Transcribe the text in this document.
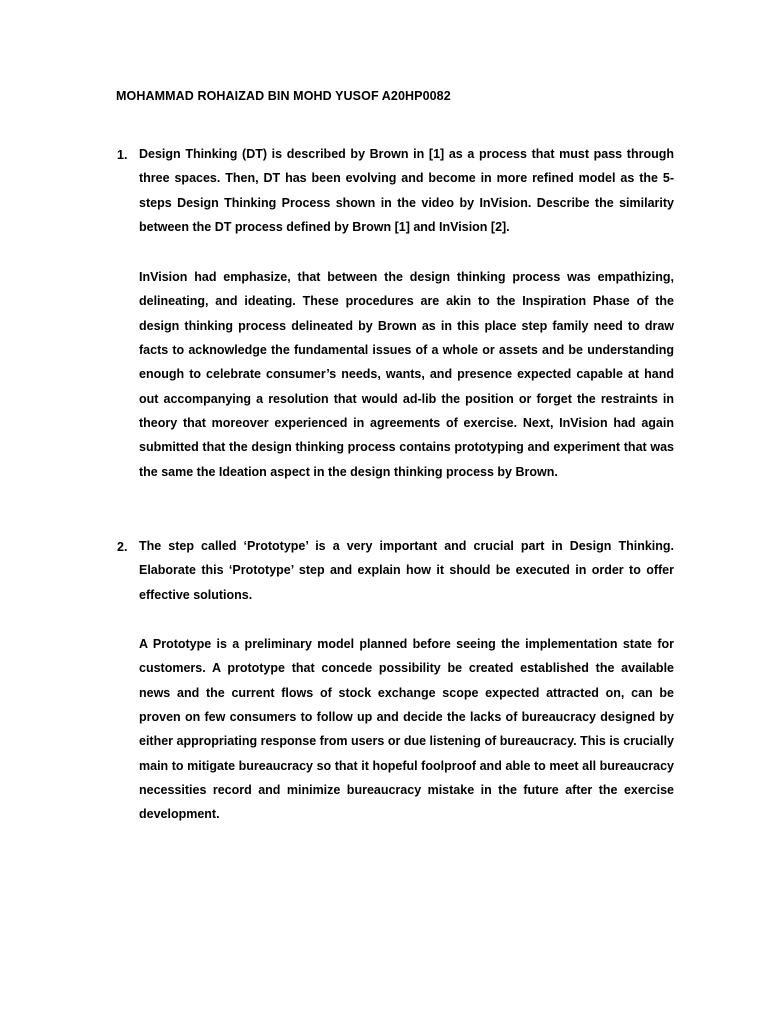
MOHAMMAD ROHAIZAD BIN MOHD YUSOF A20HP0082
1. Design Thinking (DT) is described by Brown in [1] as a process that must pass through three spaces. Then, DT has been evolving and become in more refined model as the 5-steps Design Thinking Process shown in the video by InVision. Describe the similarity between the DT process defined by Brown [1] and InVision [2].

InVision had emphasize, that between the design thinking process was empathizing, delineating, and ideating. These procedures are akin to the Inspiration Phase of the design thinking process delineated by Brown as in this place step family need to draw facts to acknowledge the fundamental issues of a whole or assets and be understanding enough to celebrate consumer’s needs, wants, and presence expected capable at hand out accompanying a resolution that would ad-lib the position or forget the restraints in theory that moreover experienced in agreements of exercise. Next, InVision had again submitted that the design thinking process contains prototyping and experiment that was the same the Ideation aspect in the design thinking process by Brown.

2. The step called ‘Prototype’ is a very important and crucial part in Design Thinking. Elaborate this ‘Prototype’ step and explain how it should be executed in order to offer effective solutions.

A Prototype is a preliminary model planned before seeing the implementation state for customers. A prototype that concede possibility be created established the available news and the current flows of stock exchange scope expected attracted on, can be proven on few consumers to follow up and decide the lacks of bureaucracy designed by either appropriating response from users or due listening of bureaucracy. This is crucially main to mitigate bureaucracy so that it hopeful foolproof and able to meet all bureaucracy necessities record and minimize bureaucracy mistake in the future after the exercise development.
